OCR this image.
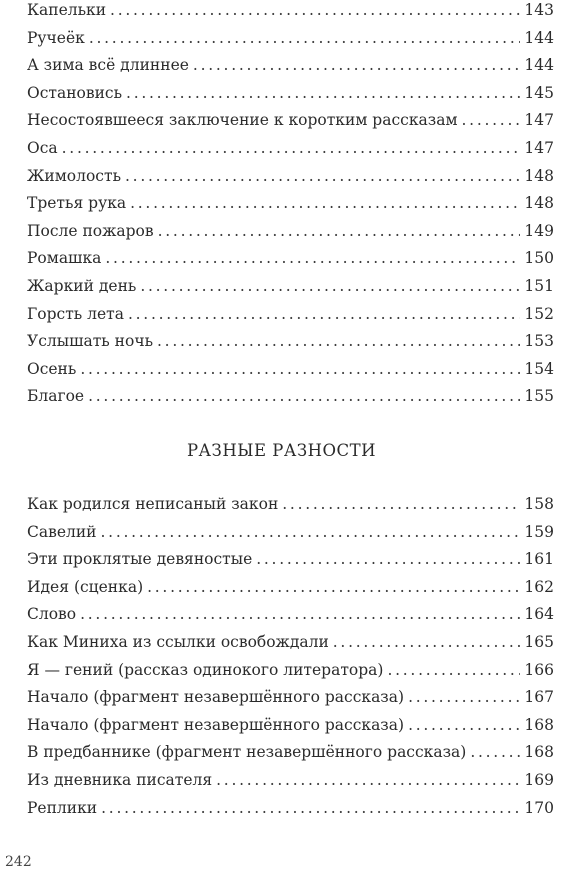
Капельки . . .	143
Ручеёк . . .	144
А зима всё длиннее . . .	144
Остановись . . .	145
Несостоявшееся заключение к коротким рассказам . . .	147
Оса . . .	147
Жимолость . . .	148
Третья рука . . .	148
После пожаров . . .	149
Ромашка . . .	150
Жаркий день . . .	151
Горсть лета . . .	152
Услышать ночь . . .	153
Осень . . .	154
Благое . . .	155
РАЗНЫЕ РАЗНОСТИ
Как родился неписаный закон . . .	158
Савелий . . .	159
Эти проклятые девяностые . . .	161
Идея (сценка) . . .	162
Слово . . .	164
Как Миниха из ссылки освобождали . . .	165
Я — гений (рассказ одинокого литератора) . . .	166
Начало (фрагмент незавершённого рассказа) . . .	167
Начало (фрагмент незавершённого рассказа) . . .	168
В предбаннике (фрагмент незавершённого рассказа) . . .	168
Из дневника писателя . . .	169
Реплики . . .	170
242
